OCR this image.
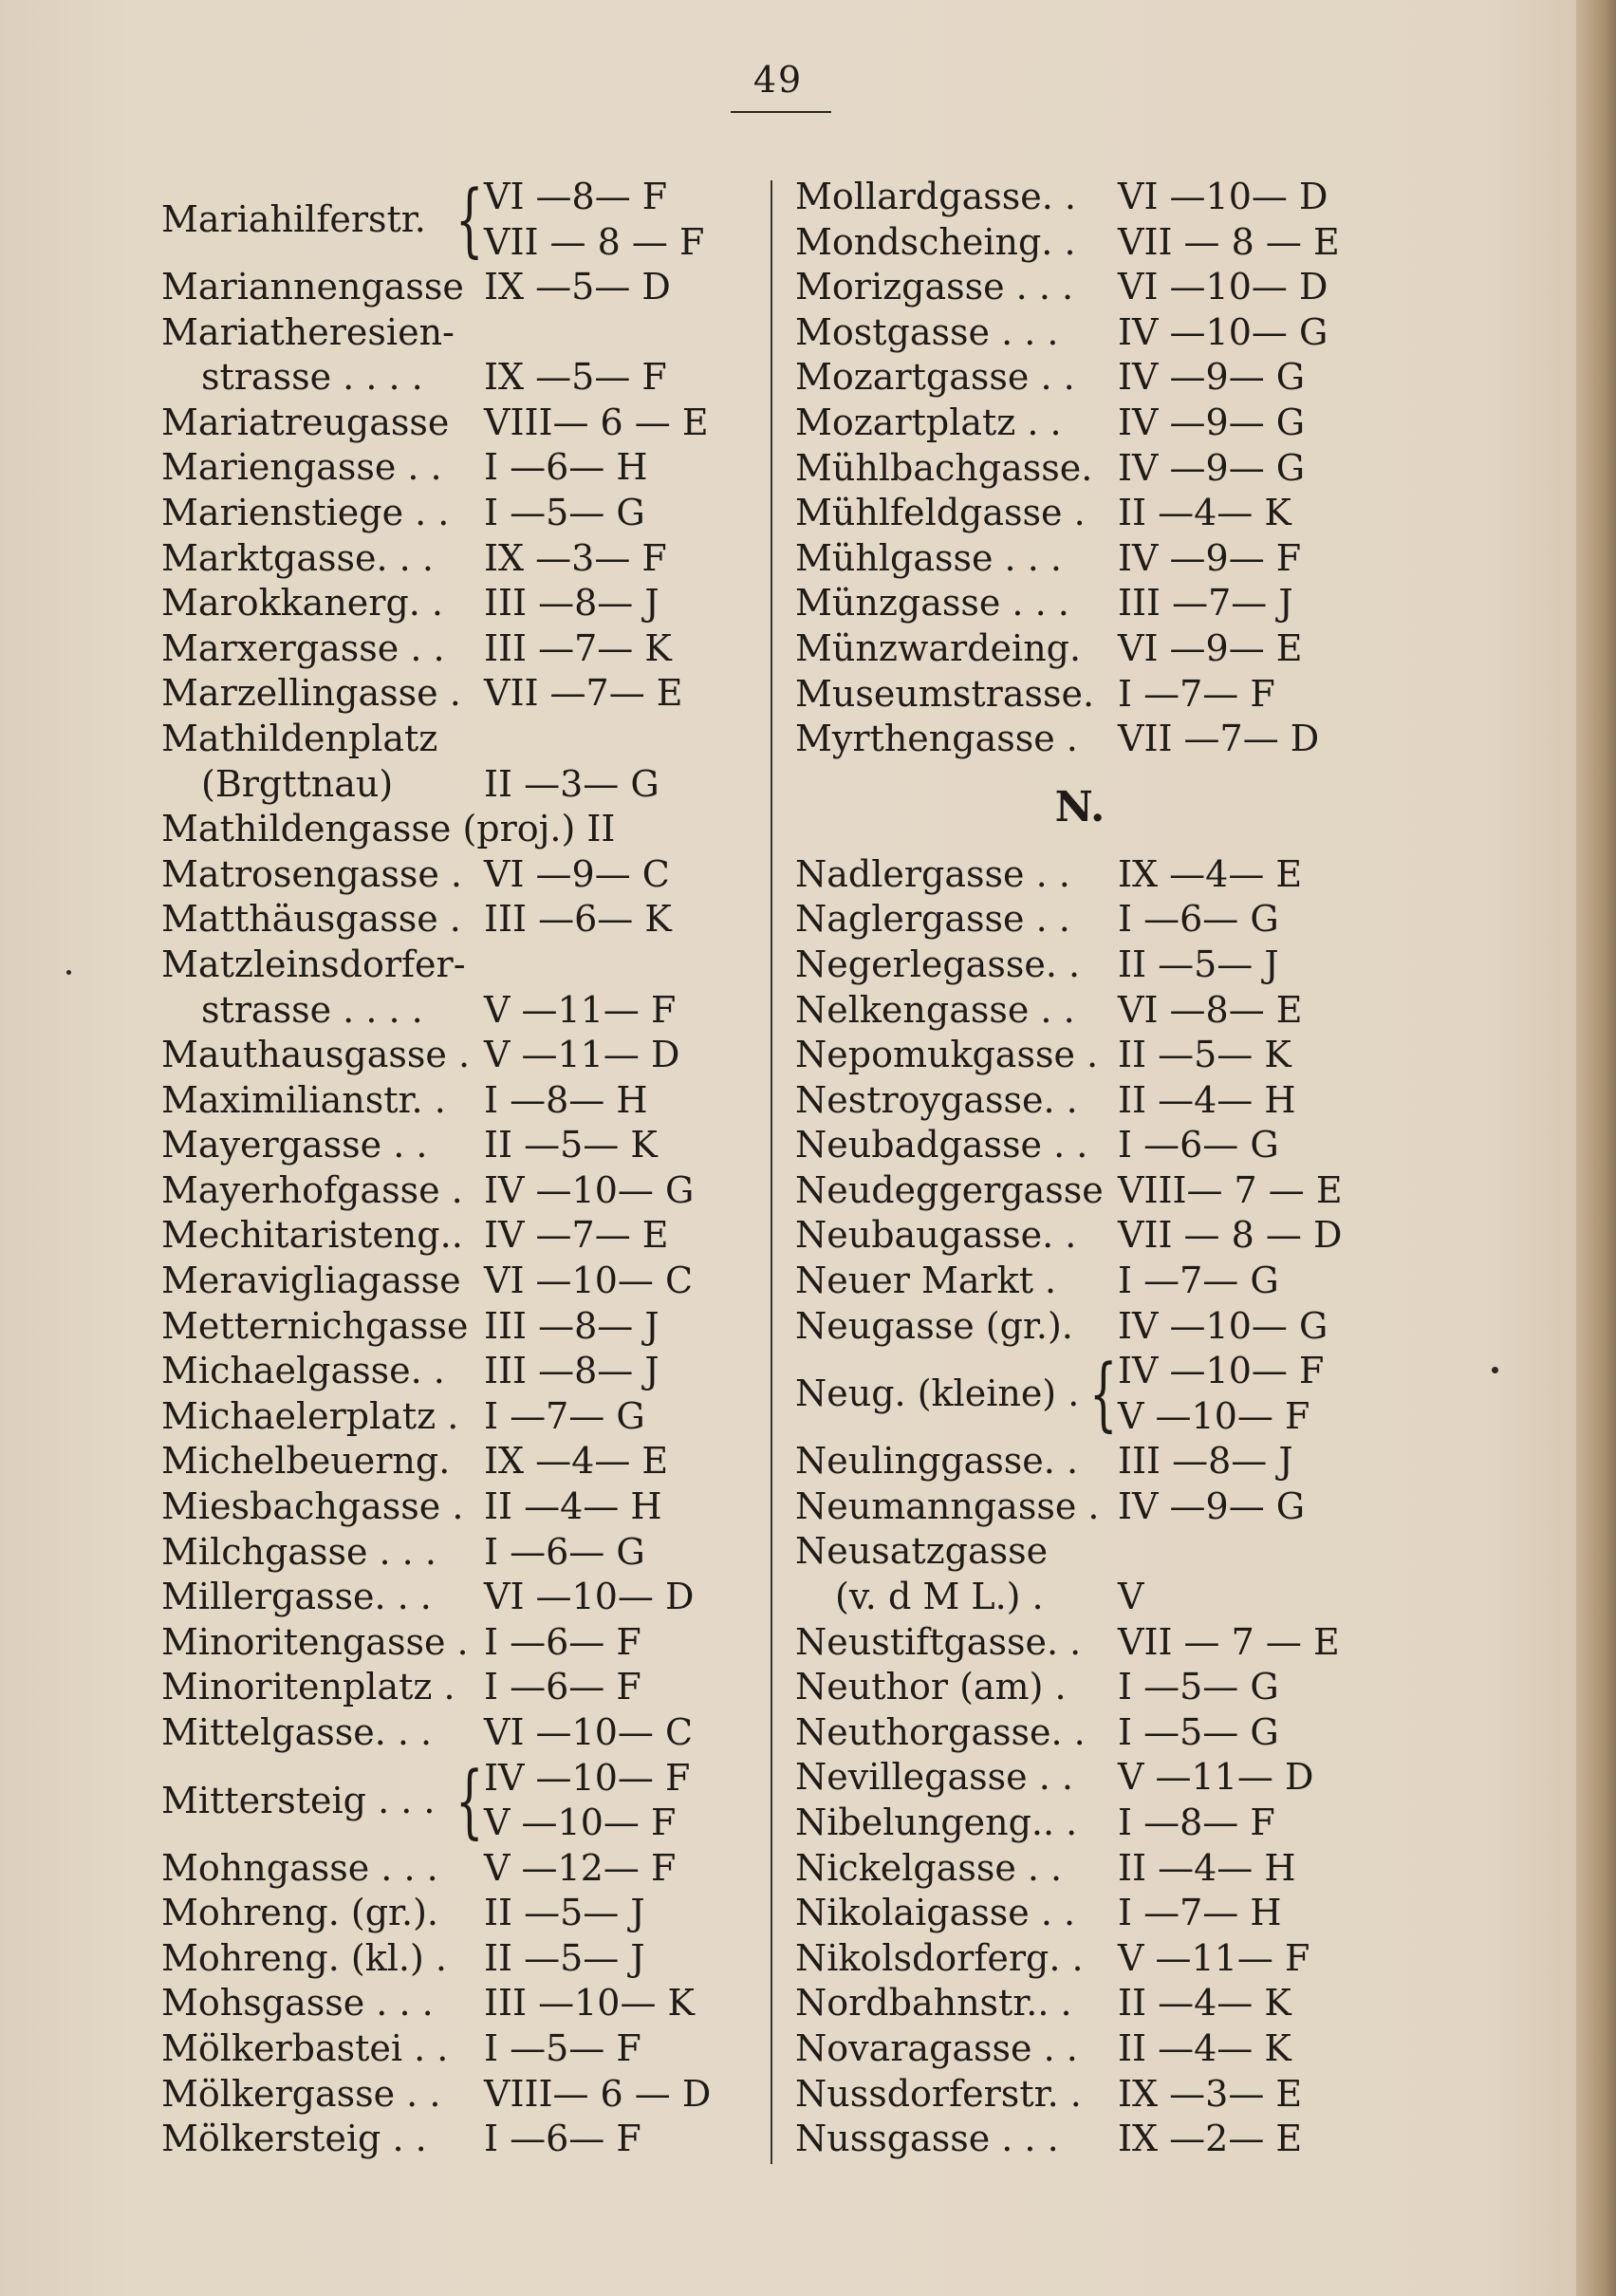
49
Mariahilferstr. { VI —8— F
VII — 8 — F
Mariannengasse IX —5— D
Mariatheresien-
strasse . . . . IX —5— F
Mariatreugasse VIII— 6 — E
Mariengasse . . I —6— H
Marienstiege . . I —5— G
Marktgasse. . . IX —3— F
Marokkanerg. . III —8— J
Marxergasse . . III —7— K
Marzellingasse . VII —7— E
Mathildenplatz
(Brgttnau)	II —3— G
Mathildengasse (proj.) II
Matrosengasse . VI —9— C
Matthäusgasse . III —6— K
Matzleinsdorfer-
strasse . . . . V —11— F
Mauthausgasse . V —11— D
Maximilianstr. . I —8— H
Mayergasse . . II —5— K
Mayerhofgasse . IV —10— G
Mechitaristeng.. IV —7— E
Meravigliagasse VI —10— C
Metternichgasse III —8— J
Michaelgasse. . III —8— J
Michaelerplatz . I —7— G
Michelbeuerng. IX —4— E
Miesbachgasse . II —4— H
Milchgasse . . . I —6— G
Millergasse. . . VI —10— D
Minoritengasse . I —6— F
Minoritenplatz . I —6— F
Mittelgasse. . . VI —10— C
Mittersteig . . . { IV —10— F
V —10— F
Mohngasse . . . V —12— F
Mohreng. (gr.). II —5— J
Mohreng. (kl.) . II —5— J
Mohsgasse . . . III —10— K
Mölkerbastei . . I —5— F
Mölkergasse . . VIII— 6 — D
Mölkersteig . . I —6— F
Mollardgasse. . VI —10— D
Mondscheing. . VII — 8 — E
Morizgasse . . . VI —10— D
Mostgasse . . . IV —10— G
Mozartgasse . . IV —9— G
Mozartplatz . . IV —9— G
Mühlbachgasse. IV —9— G
Mühlfeldgasse . II —4— K
Mühlgasse . . . IV —9— F
Münzgasse . . . III —7— J
Münzwardeing. VI —9— E
Museumstrasse. I —7— F
Myrthengasse . VII —7— D
N.
Nadlergasse . . IX —4— E
Naglergasse . . I —6— G
Negerlegasse. . II —5— J
Nelkengasse . . VI —8— E
Nepomukgasse . II —5— K
Nestroygasse. . II —4— H
Neubadgasse . . I —6— G
Neudeggergasse VIII— 7 — E
Neubaugasse. . VII — 8 — D
Neuer Markt . I —7— G
Neugasse (gr.). IV —10— G
Neug. (kleine) . { IV —10— F
V —10— F
Neulinggasse. . III —8— J
Neumanngasse . IV —9— G
Neusatzgasse
(v. d M L.) . V
Neustiftgasse. . VII — 7 — E
Neuthor (am) . I —5— G
Neuthorgasse. . I —5— G
Nevillegasse . . V —11— D
Nibelungeng.. . I —8— F
Nickelgasse . . II —4— H
Nikolaigasse . . I —7— H
Nikolsdorferg. . V —11— F
Nordbahnstr.. . II —4— K
Novaragasse . . II —4— K
Nussdorferstr. . IX —3— E
Nussgasse . . . IX —2— E
